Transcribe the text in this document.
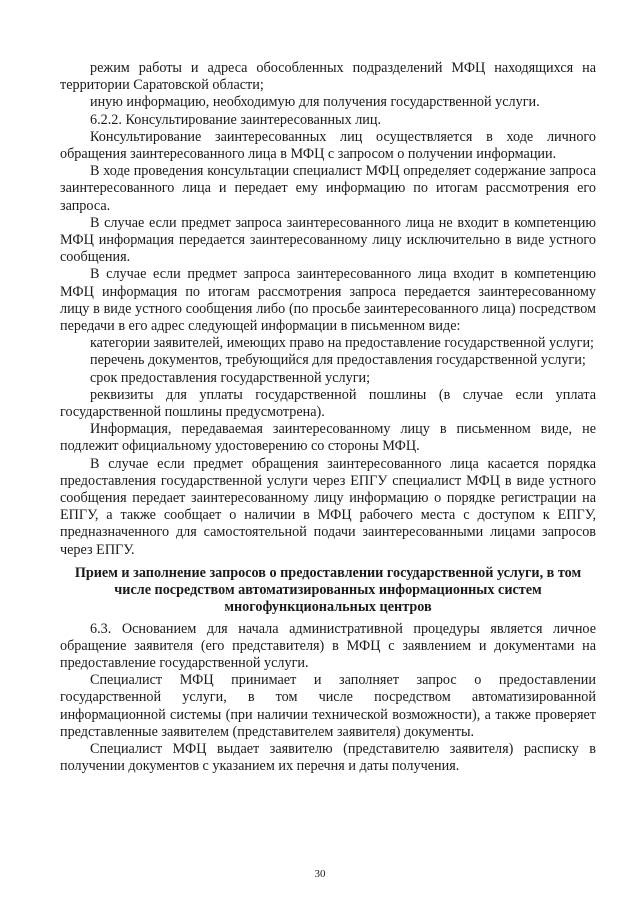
режим работы и адреса обособленных подразделений МФЦ находящихся на территории Саратовской области;

иную информацию, необходимую для получения государственной услуги.

6.2.2. Консультирование заинтересованных лиц.

Консультирование заинтересованных лиц осуществляется в ходе личного обращения заинтересованного лица в МФЦ с запросом о получении информации.

В ходе проведения консультации специалист МФЦ определяет содержание запроса заинтересованного лица и передает ему информацию по итогам рассмотрения его запроса.

В случае если предмет запроса заинтересованного лица не входит в компетенцию МФЦ информация передается заинтересованному лицу исключительно в виде устного сообщения.

В случае если предмет запроса заинтересованного лица входит в компетенцию МФЦ информация по итогам рассмотрения запроса передается заинтересованному лицу в виде устного сообщения либо (по просьбе заинтересованного лица) посредством передачи в его адрес следующей информации в письменном виде:

категории заявителей, имеющих право на предоставление государственной услуги;

перечень документов, требующийся для предоставления государственной услуги;

срок предоставления государственной услуги;

реквизиты для уплаты государственной пошлины (в случае если уплата государственной пошлины предусмотрена).

Информация, передаваемая заинтересованному лицу в письменном виде, не подлежит официальному удостоверению со стороны МФЦ.

В случае если предмет обращения заинтересованного лица касается порядка предоставления государственной услуги через ЕПГУ специалист МФЦ в виде устного сообщения передает заинтересованному лицу информацию о порядке регистрации на ЕПГУ, а также сообщает о наличии в МФЦ рабочего места с доступом к ЕПГУ, предназначенного для самостоятельной подачи заинтересованными лицами запросов через ЕПГУ.

Прием и заполнение запросов о предоставлении государственной услуги, в том числе посредством автоматизированных информационных систем многофункциональных центров

6.3. Основанием для начала административной процедуры является личное обращение заявителя (его представителя) в МФЦ с заявлением и документами на предоставление государственной услуги.

Специалист МФЦ принимает и заполняет запрос о предоставлении государственной услуги, в том числе посредством автоматизированной информационной системы (при наличии технической возможности), а также проверяет представленные заявителем (представителем заявителя) документы.

Специалист МФЦ выдает заявителю (представителю заявителя) расписку в получении документов с указанием их перечня и даты получения.

30
